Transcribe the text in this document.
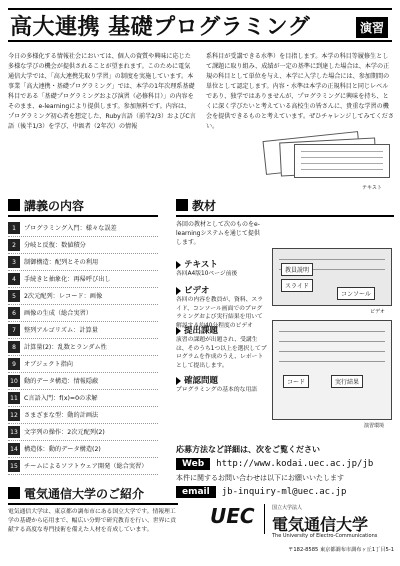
高大連携 基礎プログラミング	演習
今日の多様化する情報社会においては、個人の資質や興味に応じた多様な学びの機会が提供されることが望まれます。このために電気通信大学では、「高大連携先取り学習」の制度を実施しています。本事業「高大連携・基礎プログラミング」では、本学の1年次理系基礎科目である「基礎プログラミングおよび演習（必修科目）」の内容をそのまま、e-learningにより提供します。参加無料です。内容は、プログラミング初心者を想定した、Ruby言語（前半2/3）およびC言語（後半1/3）を学び、中級者（2年次）の情報
系科目が受講できる水準）を目指します。本学の科目等履修生として課題に取り組み、成績が一定の基準に到達した場合は、本学の正規の科目として単位を与え、本学に入学した場合には、参加期間の単位として認定します。内容・水準は本学の正規科目と同じレベルであり、独学ではありませんが、プログラミングに興味を持ち、とくに深く学びたいと考えている高校生の皆さんに、貴重な学習の機会を提供できるものと考えています。ぜひチャレンジしてみてください。
テキスト
講義の内容
1	プログラミング入門：様々な誤差
2	分岐と反復：数値積分
3	制御構造：配列とその利用
4	手続きと抽象化：再帰呼び出し
5	2次元配列：レコード：画像
6	画像の生成（総合実習）
7	整列アルゴリズム：計算量
8	計算量(2)：乱数とランダム性
9	オブジェクト指向
10 動的データ構造：情報隠蔽
11 C言語入門：f(x)=0の求解
12 さまざまな型：動的計画法
13 文字列の操作：2次元配列(2)
14 構造体：動的データ構造(2)
15 チームによるソフトウェア開発（総合実習）
教材
各回の教材として次のものをe-learningシステムを通じて提供します。
テキスト
各回A4版10ページ前後
ビデオ
各回の内容を教員が、資料、スライド、コンソール画面でのプログラミングおよび実行結果を用いて解説する約40分程度のビデオ
提出課題
演習の課題が出題され、受講生は、そのうち1つ以上を選択してプログラムを作成のうえ、レポートとして提出します。
確認問題
プログラミングの基本的な用語
教員説明
スライド
コンソール
ビデオ
コード	実行結果
演習環境
応募方法など詳細は、次をご覧ください
Web	http://www.kodai.uec.ac.jp/jb
本件に関するお問い合わせは以下にお願いいたします
email	jb-inquiry-ml@uec.ac.jp
電気通信大学のご紹介
電気通信大学は、東京都の調布市にある国立大学です。情報理工学の基礎から応用まで、幅広い分野で研究教育を行い、世界に貢献する高度な専門技術を備えた人材を育成しています。
UEC	国立大学法人
電気通信大学
The University of Electro-Communications
〒182-8585 東京都調布市調布ヶ丘1丁目5-1
